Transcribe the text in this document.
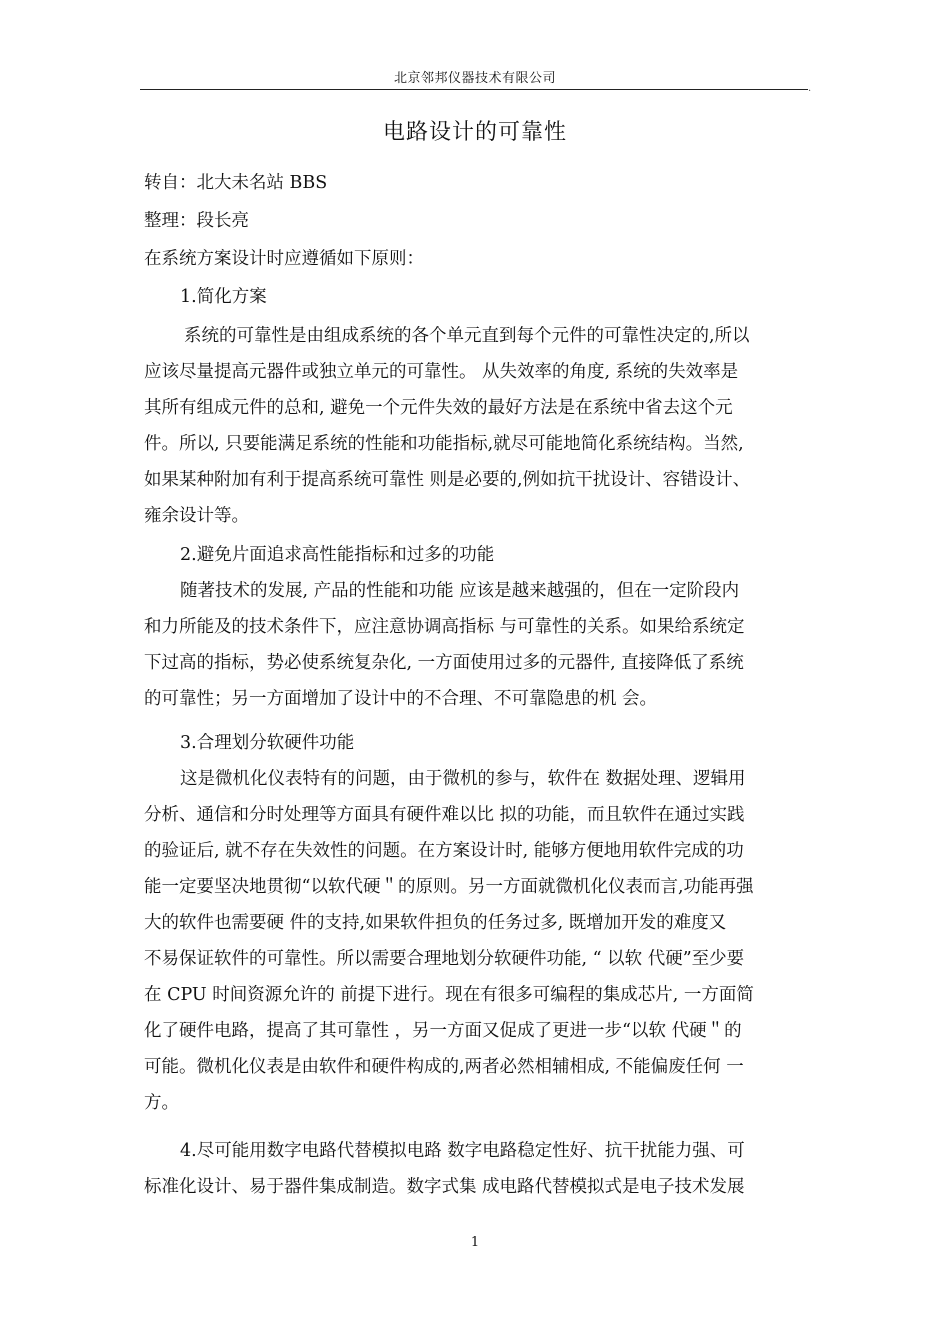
北京邻邦仪器技术有限公司
.
电路设计的可靠性
转自：北大未名站 BBS
整理：段长亮
在系统方案设计时应遵循如下原则：
1.简化方案
系统的可靠性是由组成系统的各个单元直到每个元件的可靠性决定的,所以
应该尽量提高元器件或独立单元的可靠性。 从失效率的角度, 系统的失效率是
其所有组成元件的总和, 避免一个元件失效的最好方法是在系统中省去这个元
件。所以, 只要能满足系统的性能和功能指标,就尽可能地简化系统结构。当然,
如果某种附加有利于提高系统可靠性 则是必要的,例如抗干扰设计、容错设计、
雍余设计等。
2.避免片面追求高性能指标和过多的功能
随著技术的发展, 产品的性能和功能 应该是越来越强的，但在一定阶段内
和力所能及的技术条件下，应注意协调高指标 与可靠性的关系。如果给系统定
下过高的指标，势必使系统复杂化, 一方面使用过多的元器件, 直接降低了系统
的可靠性；另一方面增加了设计中的不合理、不可靠隐患的机 会。
3.合理划分软硬件功能
这是微机化仪表特有的问题，由于微机的参与，软件在 数据处理、逻辑用
分析、通信和分时处理等方面具有硬件难以比 拟的功能，而且软件在通过实践
的验证后, 就不存在失效性的问题。在方案设计时, 能够方便地用软件完成的功
能一定要坚决地贯彻“以软代硬＂的原则。另一方面就微机化仪表而言,功能再强
大的软件也需要硬 件的支持,如果软件担负的任务过多, 既增加开发的难度又
不易保证软件的可靠性。所以需要合理地划分软硬件功能, “ 以软 代硬”至少要
在 CPU 时间资源允许的 前提下进行。现在有很多可编程的集成芯片, 一方面简
化了硬件电路，提高了其可靠性 ，另一方面又促成了更进一步“以软 代硬＂的
可能。微机化仪表是由软件和硬件构成的,两者必然相辅相成, 不能偏废任何 一
方。
4.尽可能用数字电路代替模拟电路 数字电路稳定性好、抗干扰能力强、可
标准化设计、易于器件集成制造。数字式集 成电路代替模拟式是电子技术发展
1
